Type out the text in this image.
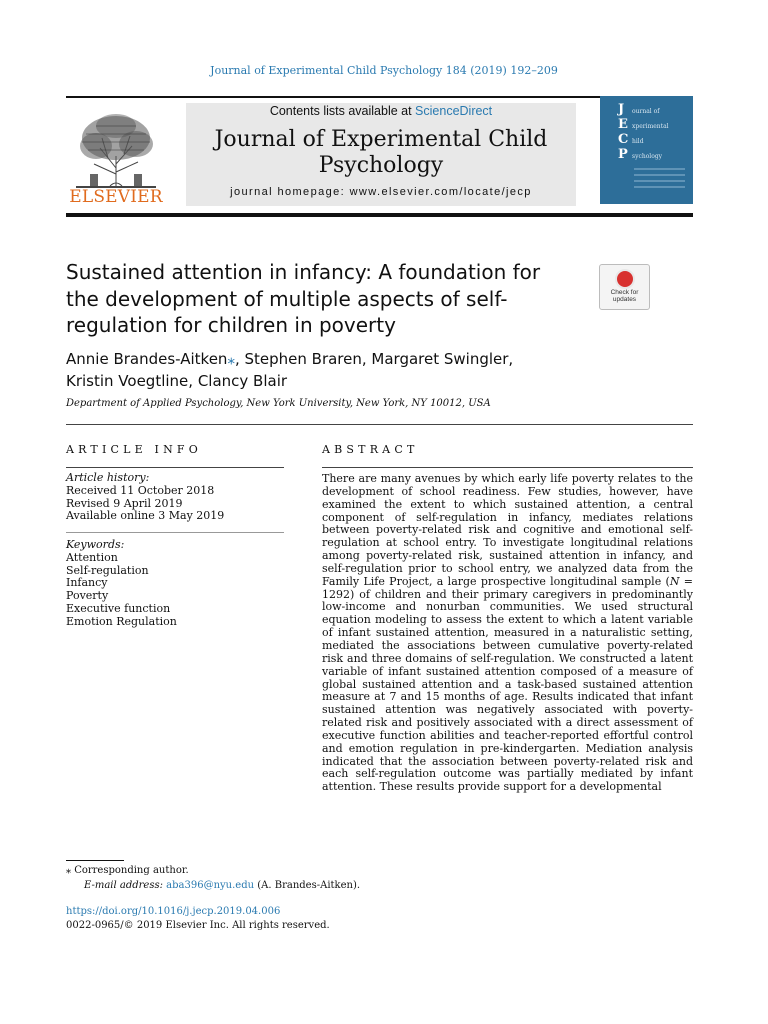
Journal of Experimental Child Psychology 184 (2019) 192–209
ELSEVIER
Contents lists available at ScienceDirect
Journal of Experimental Child Psychology
journal homepage: www.elsevier.com/locate/jecp
J
E
C
P
ournal of
xperimental
hild
sychology
Sustained attention in infancy: A foundation for the development of multiple aspects of self-regulation for children in poverty
Check for
updates
Annie Brandes-Aitken⁎, Stephen Braren, Margaret Swingler,
Kristin Voegtline, Clancy Blair
Department of Applied Psychology, New York University, New York, NY 10012, USA
ARTICLE INFO	ABSTRACT
Article history:
Received 11 October 2018
Revised 9 April 2019
Available online 3 May 2019
Keywords:
Attention
Self-regulation
Infancy
Poverty
Executive function
Emotion Regulation
There are many avenues by which early life poverty relates to the development of school readiness. Few studies, however, have examined the extent to which sustained attention, a central component of self-regulation in infancy, mediates relations between poverty-related risk and cognitive and emotional self-regulation at school entry. To investigate longitudinal relations among poverty-related risk, sustained attention in infancy, and self-regulation prior to school entry, we analyzed data from the Family Life Project, a large prospective longitudinal sample (N = 1292) of children and their primary caregivers in predominantly low-income and nonurban communities. We used structural equation modeling to assess the extent to which a latent variable of infant sustained attention, measured in a naturalistic setting, mediated the associations between cumulative poverty-related risk and three domains of self-regulation. We constructed a latent variable of infant sustained attention composed of a measure of global sustained attention and a task-based sustained attention measure at 7 and 15 months of age. Results indicated that infant sustained attention was negatively associated with poverty-related risk and positively associated with a direct assessment of executive function abilities and teacher-reported effortful control and emotion regulation in pre-kindergarten. Mediation analysis indicated that the association between poverty-related risk and each self-regulation outcome was partially mediated by infant attention. These results provide support for a developmental
⁎ Corresponding author.
E-mail address: aba396@nyu.edu (A. Brandes-Aitken).
https://doi.org/10.1016/j.jecp.2019.04.006
0022-0965/© 2019 Elsevier Inc. All rights reserved.
